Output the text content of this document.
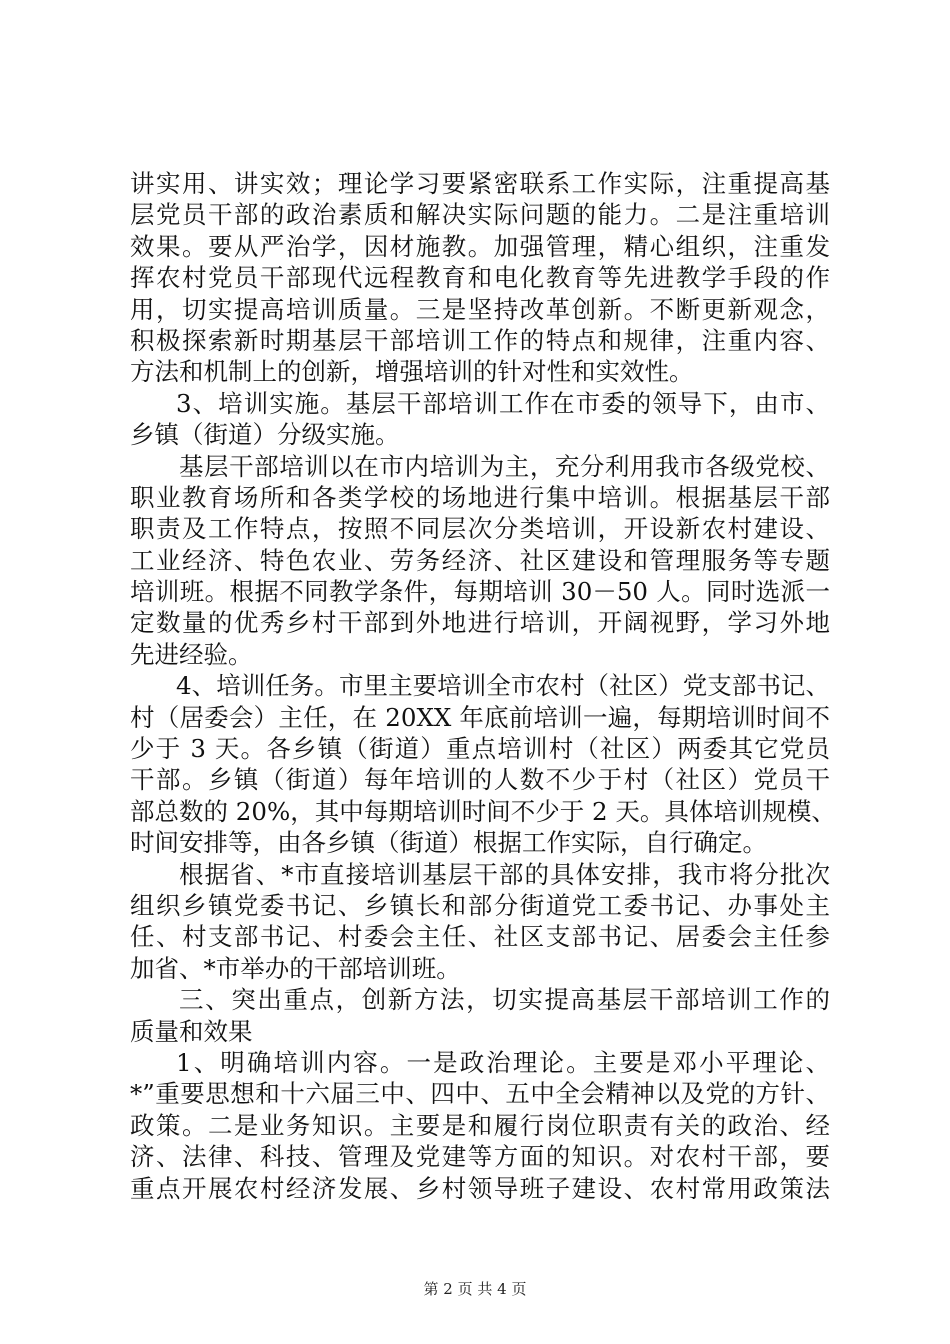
讲实用、讲实效；理论学习要紧密联系工作实际，注重提高基
层党员干部的政治素质和解决实际问题的能力。二是注重培训
效果。要从严治学，因材施教。加强管理，精心组织，注重发
挥农村党员干部现代远程教育和电化教育等先进教学手段的作
用，切实提高培训质量。三是坚持改革创新。不断更新观念，
积极探索新时期基层干部培训工作的特点和规律，注重内容、
方法和机制上的创新，增强培训的针对性和实效性。
3、培训实施。基层干部培训工作在市委的领导下，由市、
乡镇（街道）分级实施。
基层干部培训以在市内培训为主，充分利用我市各级党校、
职业教育场所和各类学校的场地进行集中培训。根据基层干部
职责及工作特点，按照不同层次分类培训，开设新农村建设、
工业经济、特色农业、劳务经济、社区建设和管理服务等专题
培训班。根据不同教学条件，每期培训 30－50 人。同时选派一
定数量的优秀乡村干部到外地进行培训，开阔视野，学习外地
先进经验。
4、培训任务。市里主要培训全市农村（社区）党支部书记、
村（居委会）主任，在 20XX 年底前培训一遍，每期培训时间不
少于 3 天。各乡镇（街道）重点培训村（社区）两委其它党员
干部。乡镇（街道）每年培训的人数不少于村（社区）党员干
部总数的 20%，其中每期培训时间不少于 2 天。具体培训规模、
时间安排等，由各乡镇（街道）根据工作实际，自行确定。
根据省、*市直接培训基层干部的具体安排，我市将分批次
组织乡镇党委书记、乡镇长和部分街道党工委书记、办事处主
任、村支部书记、村委会主任、社区支部书记、居委会主任参
加省、*市举办的干部培训班。
三、突出重点，创新方法，切实提高基层干部培训工作的
质量和效果
1、明确培训内容。一是政治理论。主要是邓小平理论、
*”重要思想和十六届三中、四中、五中全会精神以及党的方针、
政策。二是业务知识。主要是和履行岗位职责有关的政治、经
济、法律、科技、管理及党建等方面的知识。对农村干部，要
重点开展农村经济发展、乡村领导班子建设、农村常用政策法
第 2 页 共 4 页
